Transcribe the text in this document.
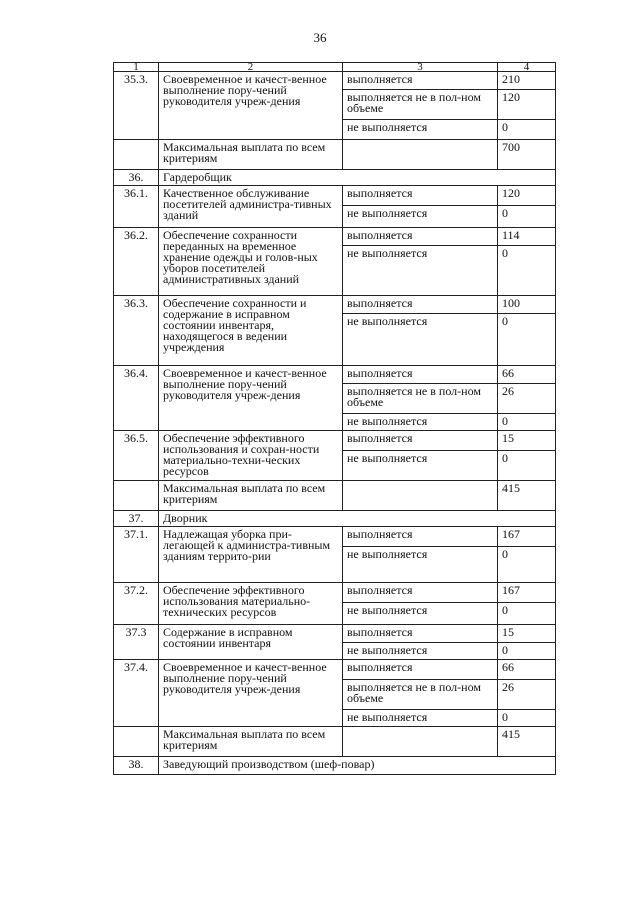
36
1	2	3	4
35.3.	Своевременное и качест-венное выполнение пору-чений руководителя учреж-дения	выполняется	210
		выполняется не в пол-ном объеме	120
		не выполняется	0
	Максимальная выплата по всем критериям		700
36.	Гардеробщик		
36.1.	Качественное обслуживание посетителей администра-тивных зданий	выполняется	120
		не выполняется	0
36.2.	Обеспечение сохранности переданных на временное хранение одежды и голов-ных уборов посетителей административных зданий	выполняется	114
		не выполняется	0
36.3.	Обеспечение сохранности и содержание в исправном состоянии инвентаря, находящегося в ведении учреждения	выполняется	100
		не выполняется	0
36.4.	Своевременное и качест-венное выполнение пору-чений руководителя учреж-дения	выполняется	66
		выполняется не в пол-ном объеме	26
		не выполняется	0
36.5.	Обеспечение эффективного использования и сохран-ности материально-техни-ческих ресурсов	выполняется	15
		не выполняется	0
	Максимальная выплата по всем критериям		415
37.	Дворник		
37.1.	Надлежащая уборка при-легающей к администра-тивным зданиям террито-рии	выполняется	167
		не выполняется	0
37.2.	Обеспечение эффективного использования материально-технических ресурсов	выполняется	167
		не выполняется	0
37.3	Содержание в исправном состоянии инвентаря	выполняется	15
		не выполняется	0
37.4.	Своевременное и качест-венное выполнение пору-чений руководителя учреж-дения	выполняется	66
		выполняется не в пол-ном объеме	26
		не выполняется	0
	Максимальная выплата по всем критериям		415
38.	Заведующий производством (шеф-повар)		
